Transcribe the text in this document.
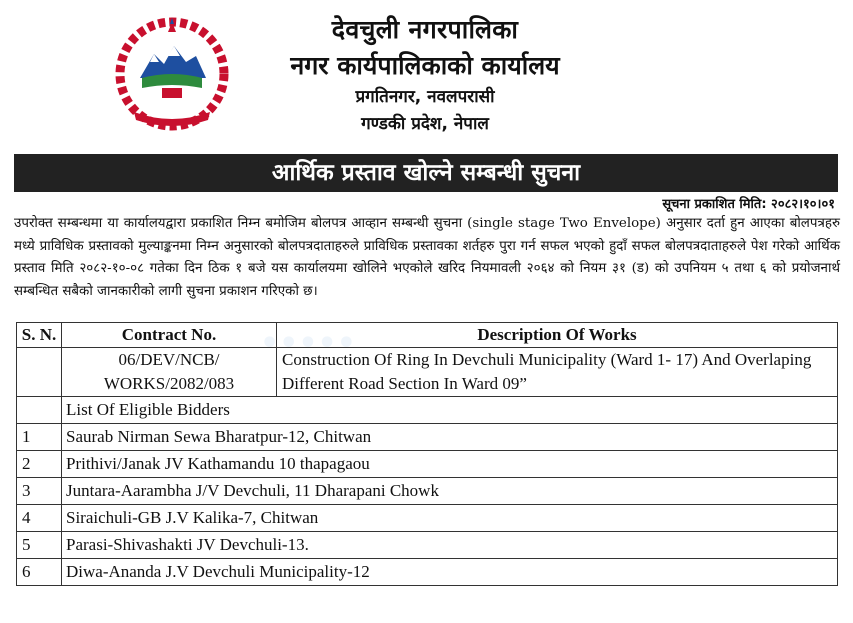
देवचुली नगरपालिका
नगर कार्यपालिकाको कार्यालय
प्रगतिनगर, नवलपरासी
गण्डकी प्रदेश, नेपाल
आर्थिक प्रस्ताव खोल्ने सम्बन्धी सुचना
सूचना प्रकाशित मिति: २०८२।१०।०१
उपरोक्त सम्बन्धमा या कार्यालयद्वारा प्रकाशित निम्न बमोजिम बोलपत्र आव्हान सम्बन्धी सुचना (single stage Two Envelope) अनुसार दर्ता हुन आएका बोलपत्रहरु मध्ये प्राविधिक प्रस्तावको मुल्याङ्कनमा निम्न अनुसारको बोलपत्रदाताहरुले प्राविधिक प्रस्तावका शर्तहरु पुरा गर्न सफल भएको हुदाँ सफल बोलपत्रदाताहरुले पेश गरेको आर्थिक प्रस्ताव मिति २०८२-१०-०८ गतेका दिन ठिक १ बजे यस कार्यालयमा खोलिने भएकोले खरिद नियमावली २०६४ को नियम ३१ (ड) को उपनियम ५ तथा ६ को प्रयोजनार्थ सम्बन्धित सबैको जानकारीको लागी सुचना प्रकाशन गरिएको छ।
•••••
S. N.	Contract No.	Description Of Works
	06/DEV/NCB/ WORKS/2082/083	Construction Of Ring In Devchuli Municipality (Ward 1- 17) And Overlaping Different Road Section In Ward 09”
	List Of Eligible Bidders	
1	Saurab Nirman Sewa Bharatpur-12, Chitwan	
2	Prithivi/Janak JV Kathamandu 10 thapagaou	
3	Juntara-Aarambha J/V Devchuli, 11 Dharapani Chowk	
4	Siraichuli-GB J.V Kalika-7, Chitwan	
5	Parasi-Shivashakti JV Devchuli-13.	
6	Diwa-Ananda J.V Devchuli Municipality-12	
